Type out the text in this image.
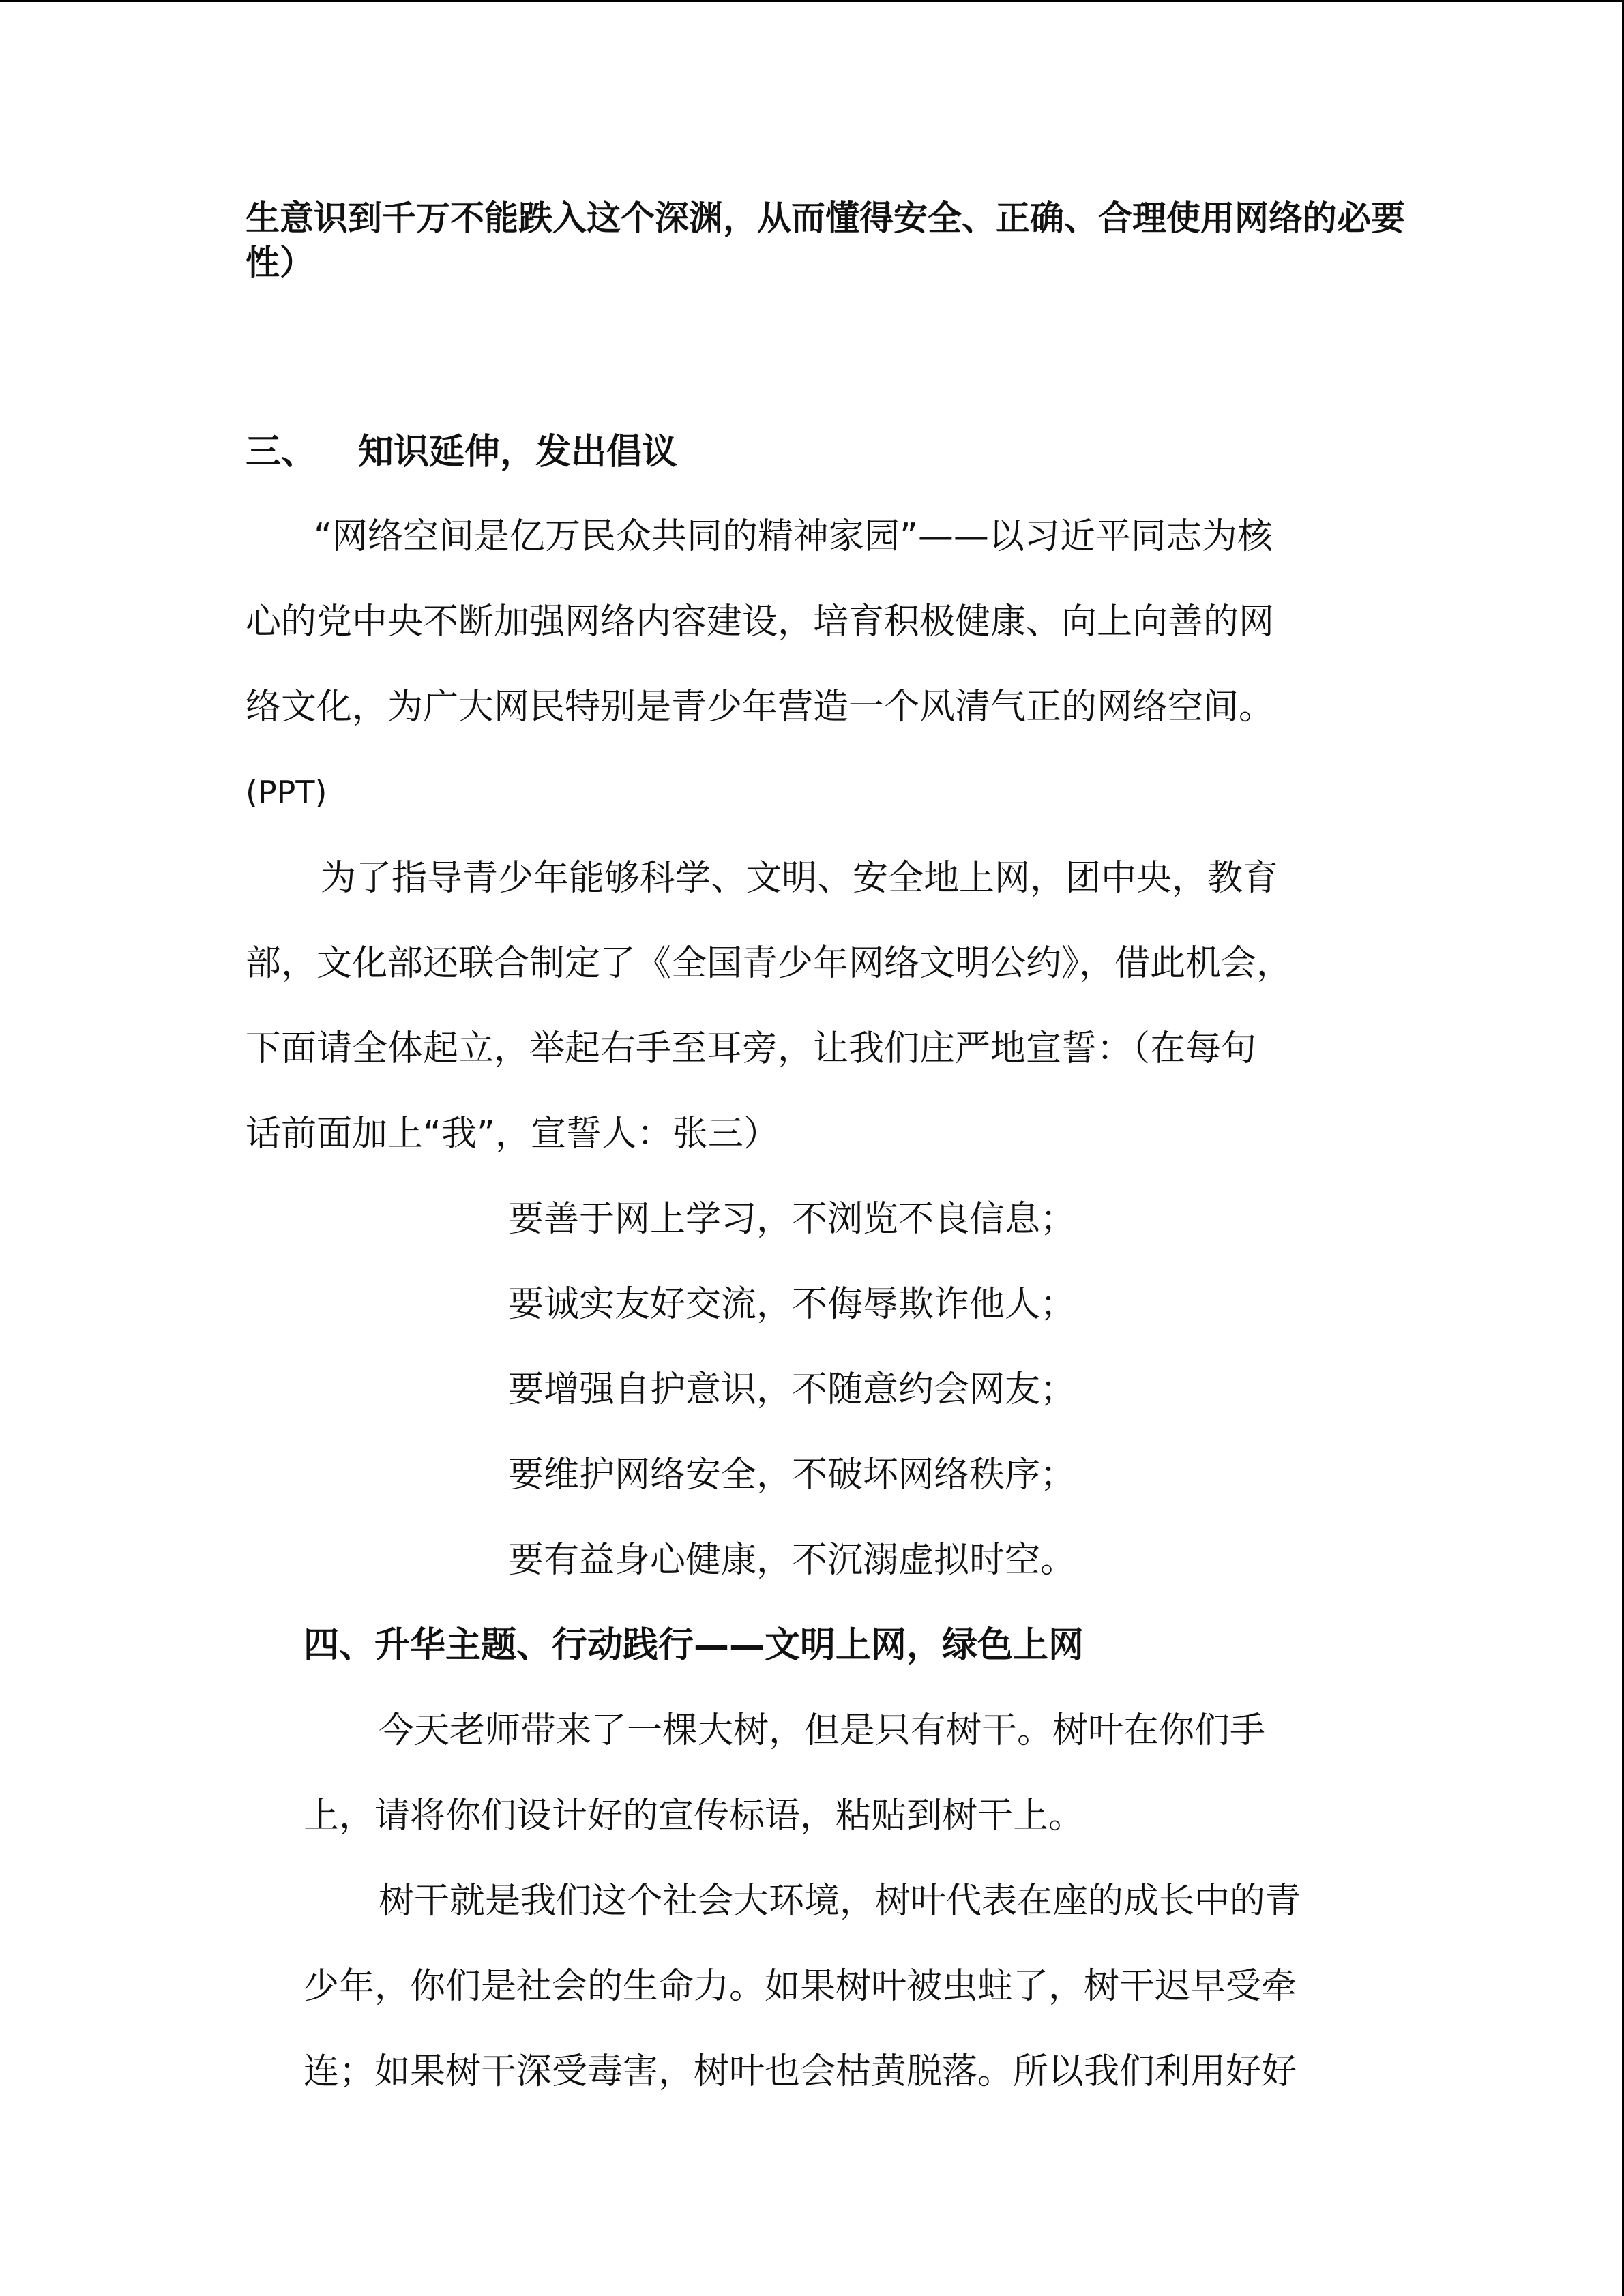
生意识到千万不能跌入这个深渊，从而懂得安全、正确、合理使用网络的必要
性）
三、 知识延伸，发出倡议
“网络空间是亿万民众共同的精神家园”——以习近平同志为核
心的党中央不断加强网络内容建设，培育积极健康、向上向善的网
络文化，为广大网民特别是青少年营造一个风清气正的网络空间。
(PPT)
为了指导青少年能够科学、文明、安全地上网，团中央，教育
部，文化部还联合制定了《全国青少年网络文明公约》，借此机会，
下面请全体起立，举起右手至耳旁，让我们庄严地宣誓：（在每句
话前面加上“我”，宣誓人：张三）
要善于网上学习，不浏览不良信息；
要诚实友好交流，不侮辱欺诈他人；
要增强自护意识，不随意约会网友；
要维护网络安全，不破坏网络秩序；
要有益身心健康，不沉溺虚拟时空。
四、升华主题、行动践行——文明上网，绿色上网
今天老师带来了一棵大树，但是只有树干。树叶在你们手
上，请将你们设计好的宣传标语，粘贴到树干上。
树干就是我们这个社会大环境，树叶代表在座的成长中的青
少年，你们是社会的生命力。如果树叶被虫蛀了，树干迟早受牵
连；如果树干深受毒害，树叶也会枯黄脱落。所以我们利用好好
